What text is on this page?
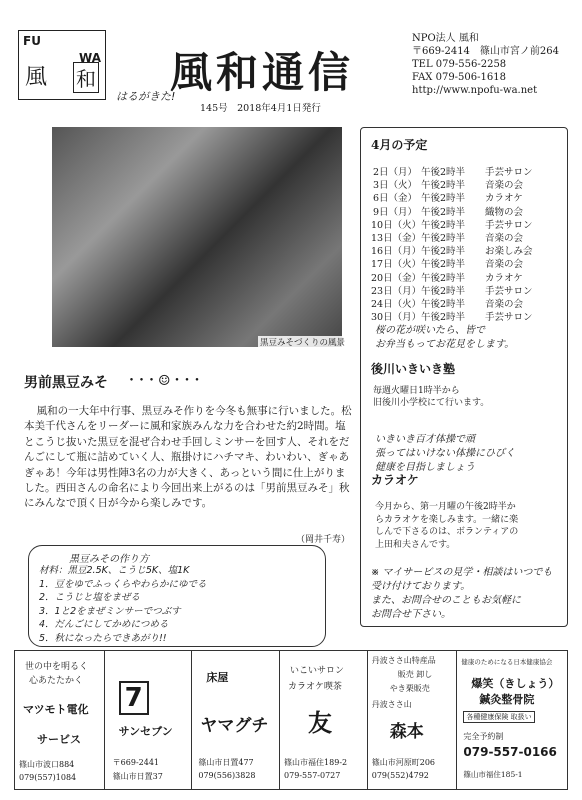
FU
WA
風 和 風和通信
はるがきた!
145号　2018年4月1日発行
NPO法人 風和
〒669-2414　篠山市宮ノ前264
TEL 079-556-2258
FAX 079-506-1618
http://www.npofu-wa.net
黒豆みそづくりの風景
4月の予定
2日（月） 午後2時半	手芸サロン
3日（火） 午後2時半	音楽の会
6日（金） 午後2時半	カラオケ
9日（月） 午後2時半	織物の会
10日（火） 午後2時半	手芸サロン
13日（金） 午後2時半	音楽の会
16日（月） 午後2時半	お楽しみ会
17日（火） 午後2時半	音楽の会
20日（金） 午後2時半	カラオケ
23日（月） 午後2時半	手芸サロン
24日（火） 午後2時半	音楽の会
30日（月） 午後2時半	手芸サロン
桜の花が咲いたら、皆で
お弁当もってお花見をします。
後川いきいき塾
毎週火曜日1時半から
旧後川小学校にて行います。
いきいき百才体操で頑
張ってはいけない体操にひびく
健康を目指しましょう
カラオケ
今月から、第一月曜の午後2時半か
らカラオケを楽しみます。一緒に楽
しんで下さるのは、ボランティアの
上田和夫さんです。
※ マイサービスの見学・相談はいつでも
受け付けております。
また、お問合せのこともお気軽に
お問合せ下さい。
男前黒豆みそ ･･･☺･･･
風和の一大年中行事、黒豆みそ作りを今冬も無事に行いました。松本美千代さんをリーダーに風和家族みんな力を合わせた約2時間。塩とこうじ抜いた黒豆を混ぜ合わせ手回しミンサーを回す人、それをだんごにして瓶に詰めていく人、瓶掛けにハチマキ、わいわい、ぎゃあぎゃあ！今年は男性陣3名の力が大きく、あっという間に仕上がりました。西田さんの命名により今回出来上がるのは「男前黒豆みそ」秋にみんなで頂く日が今から楽しみです。
（岡井千寿）
黒豆みその作り方
材料：黒豆2.5K、こうじ5K、塩1K
1．豆をゆでふっくらやわらかにゆでる
2．こうじと塩をまぜる
3．1と2をまぜミンサーでつぶす
4．だんごにしてかめにつめる
5．秋になったらできあがり!!
世の中を明るく
心あたたかく
マツモト電化
サービス
篠山市波口884
079(557)1084
7
サンセブン
〒669-2441
篠山市日置37
床屋
ヤマグチ
篠山市日置477
079(556)3828
いこいサロン
カラオケ喫茶
友
篠山市福住189-2
079-557-0727
丹波ささ山特産品
販売 卸し
やき栗販売
丹波ささ山
森本
篠山市河原町206
079(552)4792
健康のためになる日本健康協会
爆笑（きしょう）
鍼灸整骨院
各種健康保険 取扱い
完全予約制
079-557-0166
篠山市福住185-1
